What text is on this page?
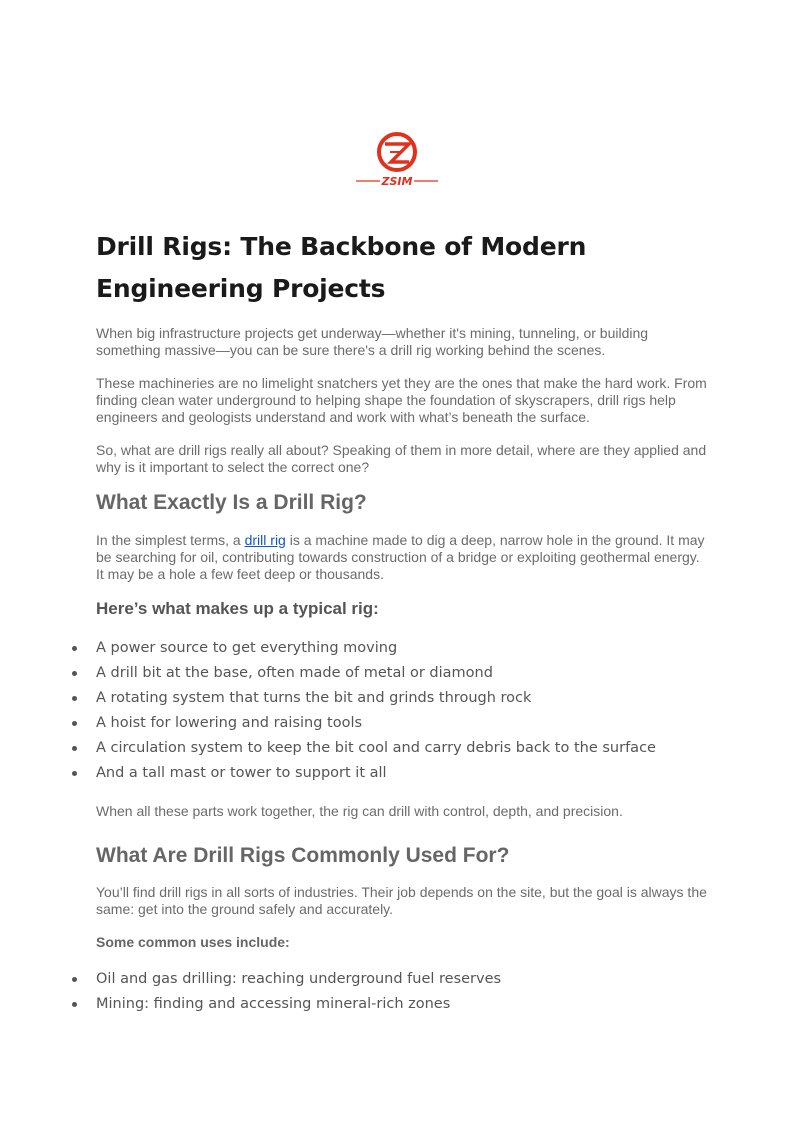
ZSIM
Drill Rigs: The Backbone of Modern Engineering Projects

When big infrastructure projects get underway—whether it's mining, tunneling, or building something massive—you can be sure there's a drill rig working behind the scenes.

These machineries are no limelight snatchers yet they are the ones that make the hard work. From finding clean water underground to helping shape the foundation of skyscrapers, drill rigs help engineers and geologists understand and work with what’s beneath the surface.

So, what are drill rigs really all about? Speaking of them in more detail, where are they applied and why is it important to select the correct one?

What Exactly Is a Drill Rig?

In the simplest terms, a drill rig is a machine made to dig a deep, narrow hole in the ground. It may be searching for oil, contributing towards construction of a bridge or exploiting geothermal energy. It may be a hole a few feet deep or thousands.

Here’s what makes up a typical rig:
A power source to get everything moving
A drill bit at the base, often made of metal or diamond
A rotating system that turns the bit and grinds through rock
A hoist for lowering and raising tools
A circulation system to keep the bit cool and carry debris back to the surface
And a tall mast or tower to support it all

When all these parts work together, the rig can drill with control, depth, and precision.

What Are Drill Rigs Commonly Used For?

You’ll find drill rigs in all sorts of industries. Their job depends on the site, but the goal is always the same: get into the ground safely and accurately.

Some common uses include:
Oil and gas drilling: reaching underground fuel reserves
Mining: finding and accessing mineral-rich zones
